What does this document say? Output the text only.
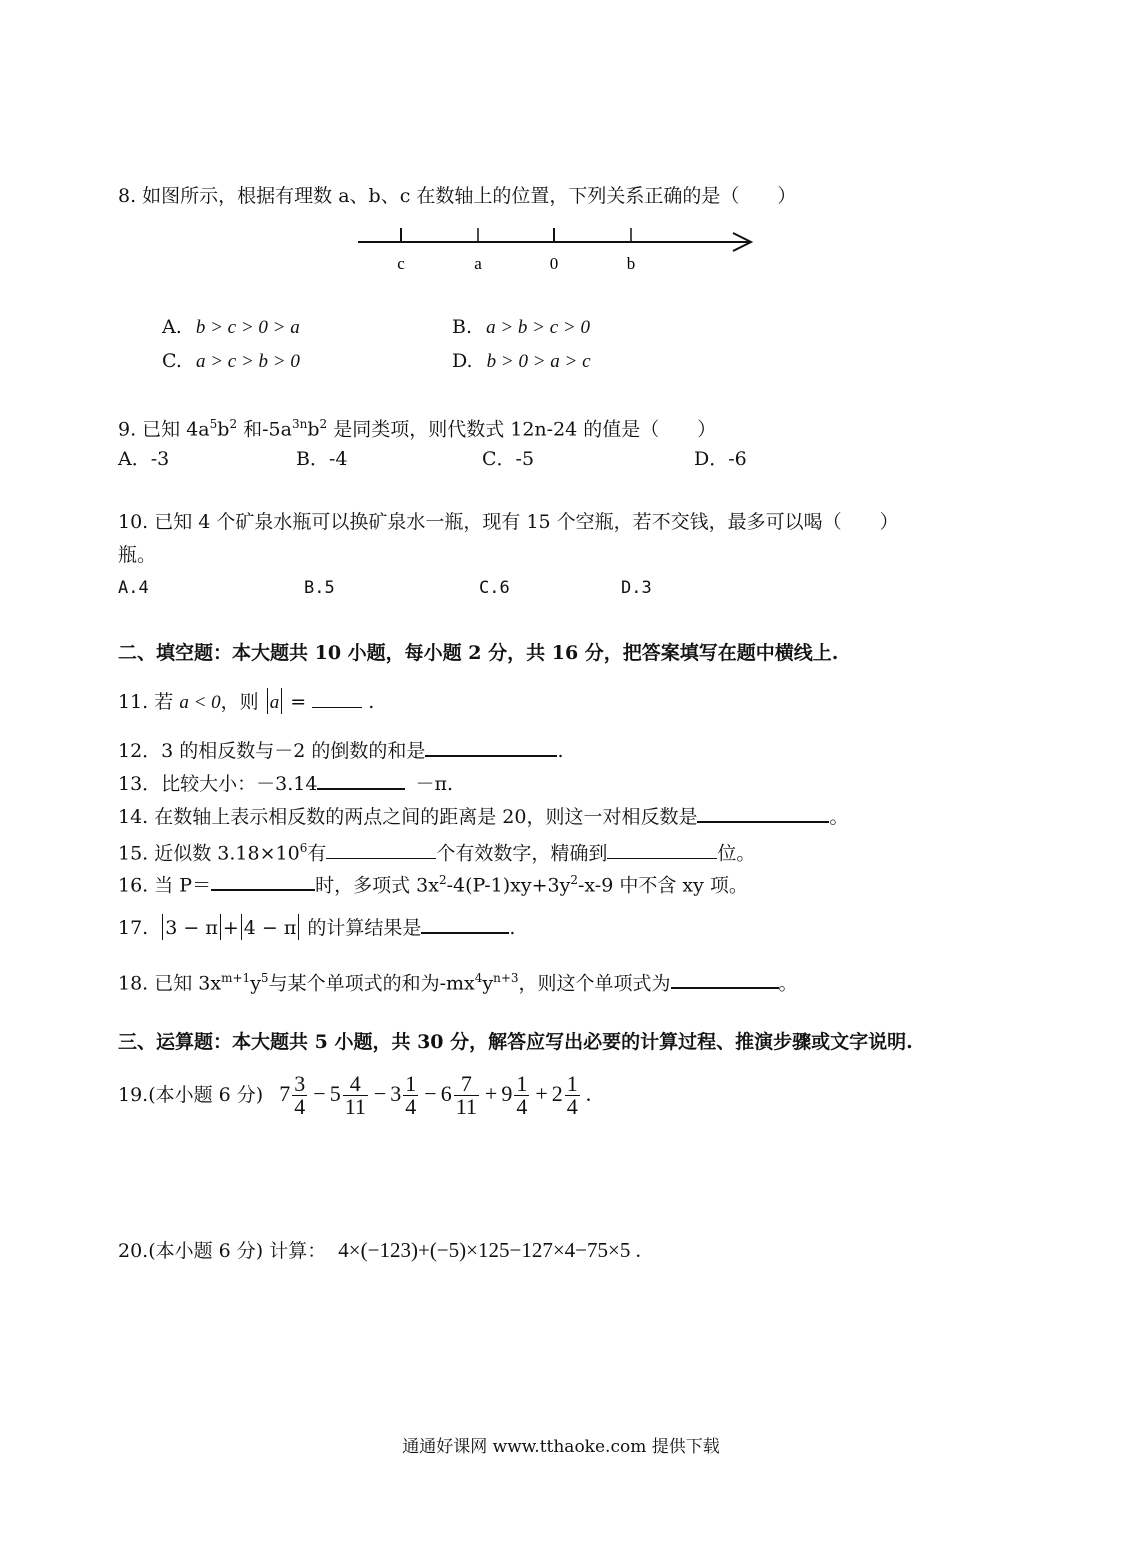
8. 如图所示，根据有理数 a、b、c 在数轴上的位置，下列关系正确的是（　　）
c	a	0	b
A. b > c > 0 > a	B. a > b > c > 0
C. a > c > b > 0	D. b > 0 > a > c
9. 已知 $4a^5b^2$ 和$-5a^{3n}b^2$ 是同类项，则代数式 12n-24 的值是（　　）
A．-3	B．-4	C．-5	D．-6
10. 已知 4 个矿泉水瓶可以换矿泉水一瓶，现有 15 个空瓶，若不交钱，最多可以喝（　　）
瓶。
A.4	B.5	C.6	D.3
二、填空题：本大题共 10 小题，每小题 2 分，共 16 分，把答案填写在题中横线上.
11. 若 a < 0，则 a =	.
12．3 的相反数与－2 的倒数的和是	.
13．比较大小：－3.14	－π.
14. 在数轴上表示相反数的两点之间的距离是 20，则这一对相反数是	。
15. 近似数 $3.18\times 10^6$有	个有效数字，精确到	位。
16. 当 P＝	时，多项式 $3x^2-4(P-1)xy+3y^2-x-9$ 中不含 xy 项。
17. 3 − π + 4 − π 的计算结果是	.
18. 已知 $3x^{m+1}y^5$与某个单项式的和为$-mx^4y^{n+3}$，则这个单项式为	。
三、运算题：本大题共 5 小题，共 30 分，解答应写出必要的计算过程、推演步骤或文字说明.
19.(本小题 6 分) $7 \frac{3}{4} - 5 \frac{4}{11} - 3 \frac{1}{4} - 6 \frac{7}{11} + 9 \frac{1}{4} + 2 \frac{1}{4}$ .
20.(本小题 6 分) 计算： 4×(−123)+(−5)×125−127×4−75×5 .
通通好课网 www.tthaoke.com 提供下载
